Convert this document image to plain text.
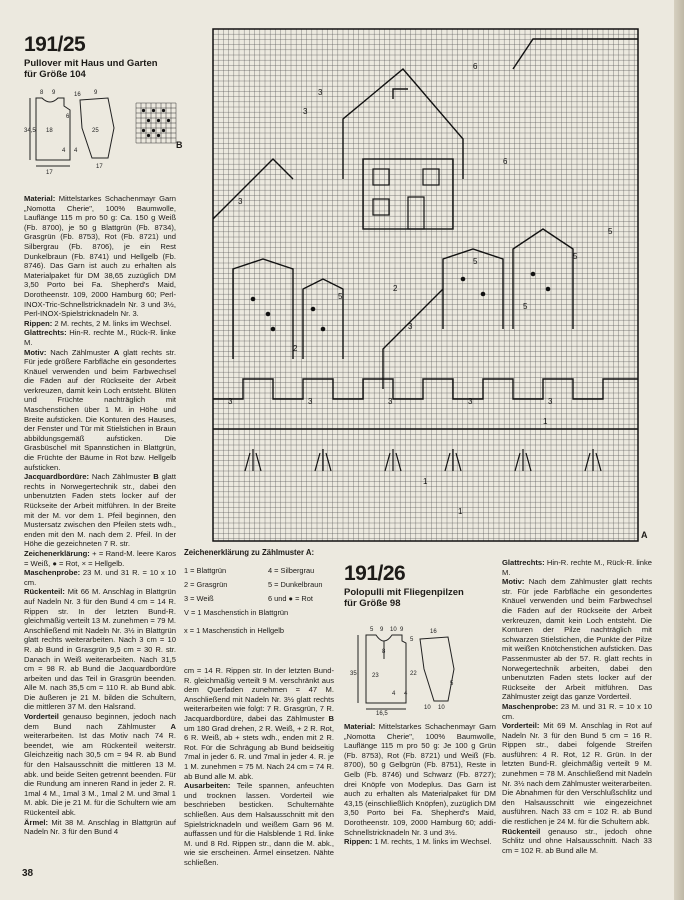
191/25
Pullover mit Haus und Garten
für Größe 104
8 9	16 9
34,5 18
6
17
17
4 4
25
B
3
3
6
6
3
5
5
5
5
5
3
2
2
3	3	3	3	3
1
1
1
A

Material: Mittelstarkes Schachenmayr Garn „Nomotta Cherie", 100% Baumwolle, Lauflänge 115 m pro 50 g: Ca. 150 g Weiß (Fb. 8700), je 50 g Blattgrün (Fb. 8734), Grasgrün (Fb. 8753), Rot (Fb. 8721) und Silbergrau (Fb. 8706), je ein Rest Dunkelbraun (Fb. 8741) und Hellgelb (Fb. 8746). Das Garn ist auch zu erhalten als Materialpaket für DM 38,65 zuzüglich DM 3,50 Porto bei Fa. Shepherd's Maid, Dorotheenstr. 109, 2000 Hamburg 60; Perl-INOX-Tric-Schnellstricknadeln Nr. 3 und 3½, Perl-INOX-Spielstricknadeln Nr. 3.

Rippen: 2 M. rechts, 2 M. links im Wechsel.

Glattrechts: Hin-R. rechte M., Rück-R. linke M.

Motiv: Nach Zählmuster A glatt rechts str. Für jede größere Farbfläche ein gesondertes Knäuel verwenden und beim Farbwechsel die Fäden auf der Rückseite der Arbeit verkreuzen, damit kein Loch entsteht. Blüten und Früchte nachträglich mit Maschenstichen über 1 M. in Höhe und Breite aufsticken. Die Konturen des Hauses, der Fenster und Tür mit Stielstichen in Braun abbildungsgemäß aufsticken. Die Grasbüschel mit Spannstichen in Blattgrün, die Früchte der Bäume in Rot bzw. Hellgelb aufsticken.

Jacquardbordüre: Nach Zählmuster B glatt rechts in Norwegertechnik str., dabei den unbenutzten Faden stets locker auf der Rückseite der Arbeit mitführen. In der Breite mit der M. vor dem 1. Pfeil beginnen, den Mustersatz zwischen den Pfeilen stets wdh., enden mit den M. nach dem 2. Pfeil. In der Höhe die gezeichneten 7 R. str.

Zeichenerklärung: + = Rand-M. leere Karos = Weiß, ● = Rot, × = Hellgelb.

Maschenprobe: 23 M. und 31 R. = 10 x 10 cm.

Rückenteil: Mit 66 M. Anschlag in Blattgrün auf Nadeln Nr. 3 für den Bund 4 cm = 14 R. Rippen str. In der letzten Bund-R. gleichmäßig verteilt 13 M. zunehmen = 79 M. Anschließend mit Nadeln Nr. 3½ in Blattgrün glatt rechts weiterarbeiten. Nach 3 cm = 10 R. ab Bund in Grasgrün 9,5 cm = 30 R. str. Danach in Weiß weiterarbeiten. Nach 31,5 cm = 98 R. ab Bund die Jacquardbordüre arbeiten und das Teil in Grasgrün beenden. Alle M. nach 35,5 cm = 110 R. ab Bund abk. Die äußeren je 21 M. bilden die Schultern, die mittleren 37 M. den Halsrand.

Vorderteil genauso beginnen, jedoch nach dem Bund nach Zählmuster A weiterarbeiten. Ist das Motiv nach 74 R. beendet, wie am Rückenteil weiterstr. Gleichzeitig nach 30,5 cm = 94 R. ab Bund für den Halsausschnitt die mittleren 13 M. abk. und beide Seiten getrennt beenden. Für die Rundung am inneren Rand in jeder 2. R. 1mal 4 M., 1mal 3 M., 1mal 2 M. und 3mal 1 M. abk. Die je 21 M. für die Schultern wie am Rückenteil abk.

Ärmel: Mit 38 M. Anschlag in Blattgrün auf Nadeln Nr. 3 für den Bund 4

Zeichenerklärung zu Zählmuster A:
1 = Blattgrün	4 = Silbergrau
2 = Grasgrün	5 = Dunkelbraun
3 = Weiß	6 und ● = Rot
V = 1 Maschenstich in Blattgrün
x = 1 Maschenstich in Hellgelb

cm = 14 R. Rippen str. In der letzten Bund-R. gleichmäßig verteilt 9 M. verschränkt aus dem Querfaden zunehmen = 47 M. Anschließend mit Nadeln Nr. 3½ glatt rechts weiterarbeiten wie folgt: 7 R. Grasgrün, 7 R. Jacquardbordüre, dabei das Zählmuster B um 180 Grad drehen, 2 R. Weiß, + 2 R. Rot, 6 R. Weiß, ab + stets wdh., enden mit 2 R. Rot. Für die Schrägung ab Bund beidseitig 7mal in jeder 6. R. und 7mal in jeder 4. R. je 1 M. zunehmen = 75 M. Nach 24 cm = 74 R. ab Bund alle M. abk.

Ausarbeiten: Teile spannen, anfeuchten und trocknen lassen. Vorderteil wie beschrieben besticken. Schulternähte schließen. Aus dem Halsausschnitt mit den Spielstricknadeln und weißem Garn 96 M. auffassen und für die Halsblende 1 Rd. linke M. und 8 Rd. Rippen str., dann die M. abk., wie sie erscheinen. Ärmel einsetzen. Nähte schließen.

191/26
Polopulli mit Fliegenpilzen
für Größe 98
5 9 10 9	16
5
35	23	22
8
4 4
10
16,5
10
5

Material: Mittelstarkes Schachenmayr Garn „Nomotta Cherie", 100% Baumwolle, Lauflänge 115 m pro 50 g: Je 100 g Grün (Fb. 8753), Rot (Fb. 8721) und Weiß (Fb. 8700), 50 g Gelbgrün (Fb. 8751), Reste in Gelb (Fb. 8746) und Schwarz (Fb. 8727); drei Knöpfe von Modeplus. Das Garn ist auch zu erhalten als Materialpaket für DM 43,15 (einschließlich Knöpfen), zuzüglich DM 3,50 Porto bei Fa. Shepherd's Maid, Dorotheenstr. 109, 2000 Hamburg 60; addi-Schnellstricknadeln Nr. 3 und 3½.

Rippen: 1 M. rechts, 1 M. links im Wechsel.

Glattrechts: Hin-R. rechte M., Rück-R. linke M.

Motiv: Nach dem Zählmuster glatt rechts str. Für jede Farbfläche ein gesondertes Knäuel verwenden und beim Farbwechsel die Fäden auf der Rückseite der Arbeit verkreuzen, damit kein Loch entsteht. Die Konturen der Pilze nachträglich mit schwarzen Stielstichen, die Punkte der Pilze mit weißen Knötchenstichen aufsticken. Das Passenmuster ab der 57. R. glatt rechts in Norwegertechnik arbeiten, dabei den unbenutzten Faden stets locker auf der Rückseite der Arbeit mitführen. Das Zählmuster zeigt das ganze Vorderteil.

Maschenprobe: 23 M. und 31 R. = 10 x 10 cm.

Vorderteil: Mit 69 M. Anschlag in Rot auf Nadeln Nr. 3 für den Bund 5 cm = 16 R. Rippen str., dabei folgende Streifen ausführen: 4 R. Rot, 12 R. Grün. In der letzten Bund-R. gleichmäßig verteilt 9 M. zunehmen = 78 M. Anschließend mit Nadeln Nr. 3½ nach dem Zählmuster weiterarbeiten. Die Abnahmen für den Verschlußschlitz und den Halsausschnitt wie eingezeichnet ausführen. Nach 33 cm = 102 R. ab Bund die restlichen je 24 M. für die Schultern abk.

Rückenteil genauso str., jedoch ohne Schlitz und ohne Halsausschnitt. Nach 33 cm = 102 R. ab Bund alle M.

38
